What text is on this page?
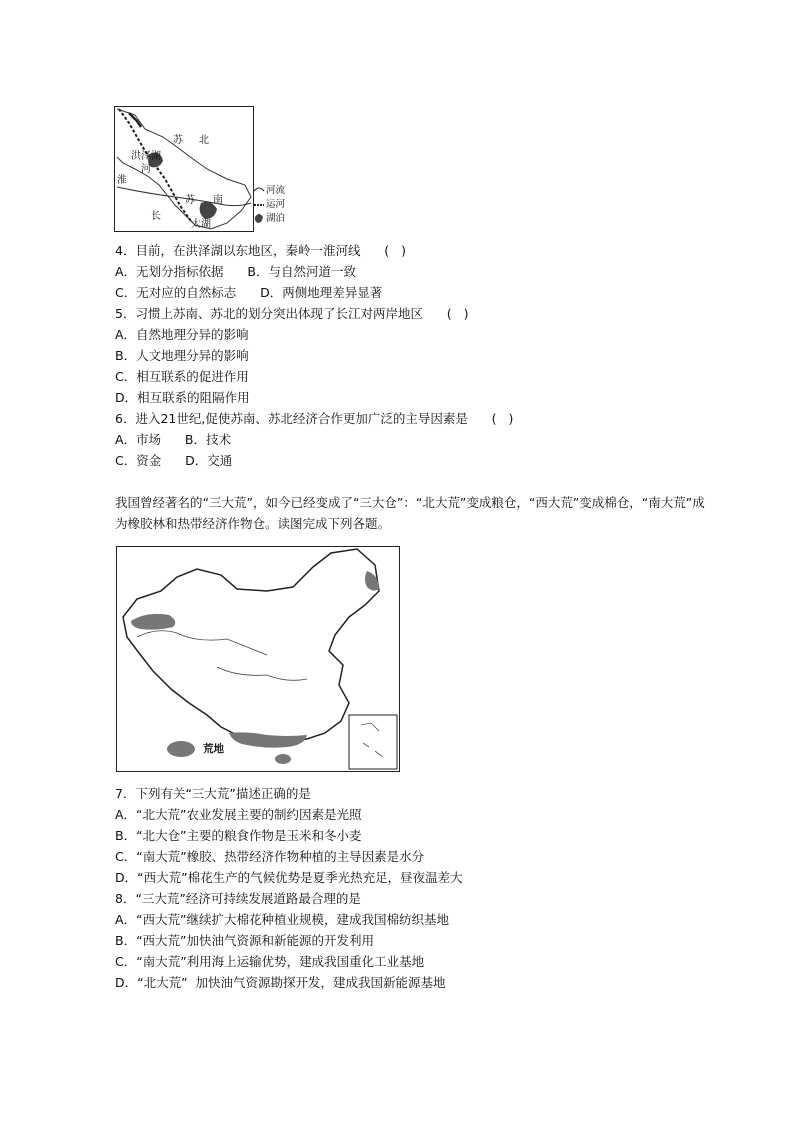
苏 北
洪泽湖
河
淮
苏 南
长
太湖
河流
运河
湖泊
4．目前，在洪泽湖以东地区，秦岭一淮河线      (   )
A．无划分指标依据      B．与自然河道一致
C．无对应的自然标志      D．两侧地理差异显著
5．习惯上苏南、苏北的划分突出体现了长江对两岸地区      (   )
A．自然地理分异的影响
B．人文地理分异的影响
C．相互联系的促进作用
D．相互联系的阻隔作用
6．进入21世纪,促使苏南、苏北经济合作更加广泛的主导因素是      (   )
A．市场      B．技术
C．资金      D．交通
我国曾经著名的“三大荒”，如今已经变成了“三大仓”：“北大荒”变成粮仓，“西大荒”变成棉仓，“南大荒”成为橡胶林和热带经济作物仓。读图完成下列各题。
荒地
7．下列有关“三大荒”描述正确的是
A．“北大荒”农业发展主要的制约因素是光照
B．“北大仓”主要的粮食作物是玉米和冬小麦
C．“南大荒”橡胶、热带经济作物种植的主导因素是水分
D．“西大荒”棉花生产的气候优势是夏季光热充足，昼夜温差大
8．“三大荒”经济可持续发展道路最合理的是
A．“西大荒”继续扩大棉花种植业规模，建成我国棉纺织基地
B．“西大荒”加快油气资源和新能源的开发利用
C．“南大荒”利用海上运输优势，建成我国重化工业基地
D．“北大荒”  加快油气资源勘探开发，建成我国新能源基地
